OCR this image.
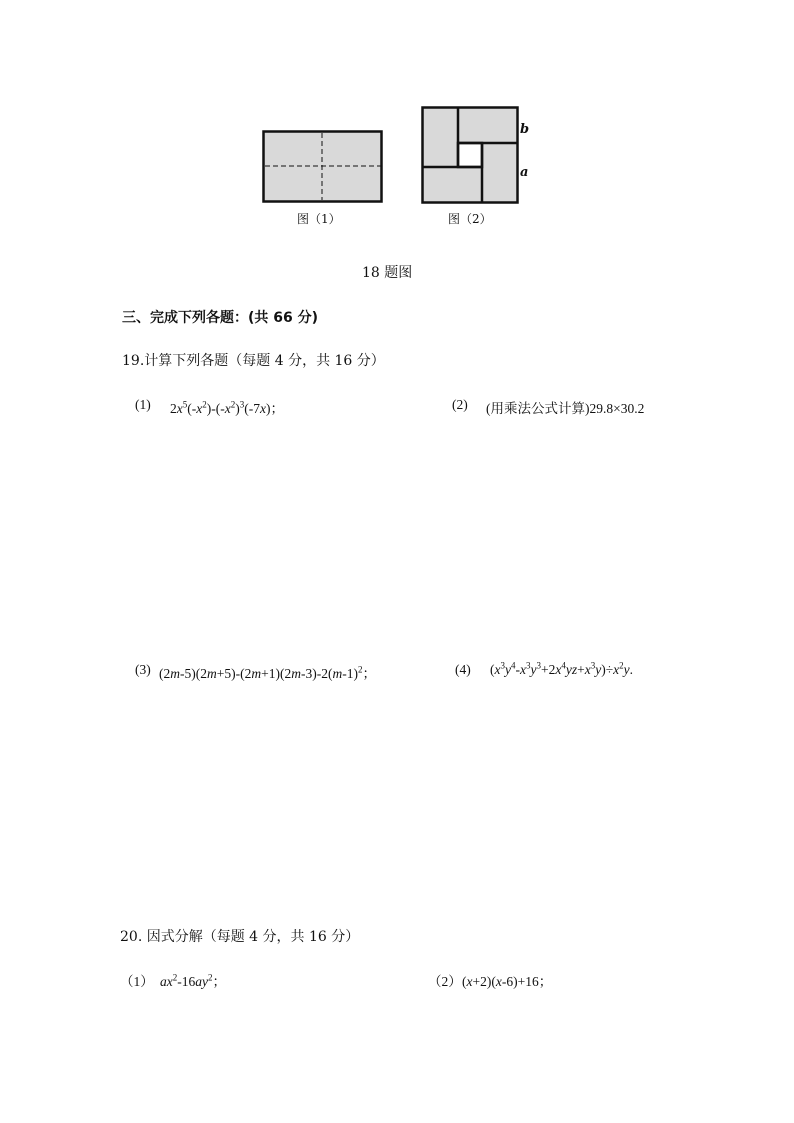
图（1）
b
a
图（2）
18 题图
三、完成下列各题：(共 66 分)
19.计算下列各题（每题 4 分，共 16 分）
(1) $2x^5(-x^2)-(-x^2)^3(-7x)$；	(2) (用乘法公式计算)29.8×30.2
(3) $(2m-5)(2m+5)-(2m+1)(2m-3)-2(m-1)^2$；	(4) $(x^3y^4-x^3y^3+2x^4yz+x^3y)\div x^2y$.
20. 因式分解（每题 4 分，共 16 分）
（1） $ax^2-16ay^2$；	（2） (x+2)(x-6)+16；
